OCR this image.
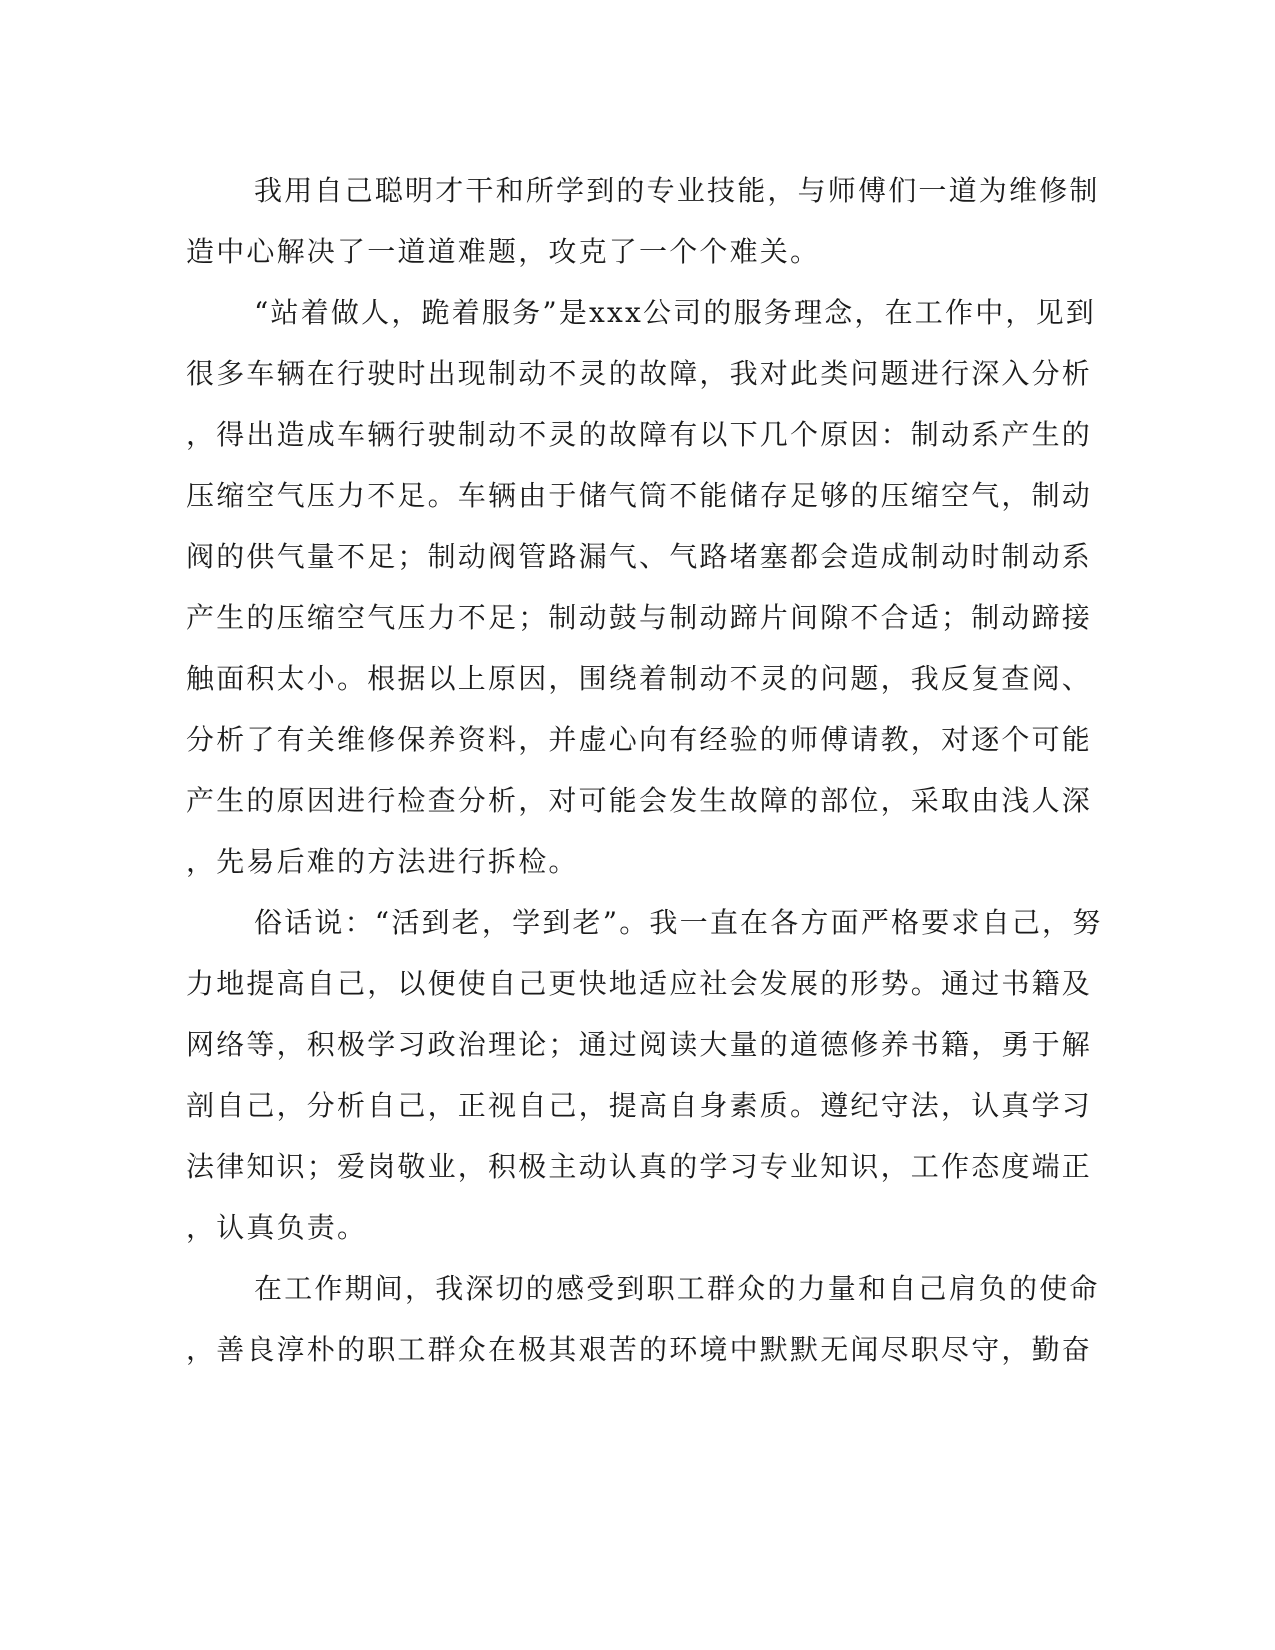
我用自己聪明才干和所学到的专业技能，与师傅们一道为维修制
造中心解决了一道道难题，攻克了一个个难关。
“站着做人，跪着服务”是xxx公司的服务理念，在工作中，见到
很多车辆在行驶时出现制动不灵的故障，我对此类问题进行深入分析
，得出造成车辆行驶制动不灵的故障有以下几个原因：制动系产生的
压缩空气压力不足。车辆由于储气筒不能储存足够的压缩空气，制动
阀的供气量不足；制动阀管路漏气、气路堵塞都会造成制动时制动系
产生的压缩空气压力不足；制动鼓与制动蹄片间隙不合适；制动蹄接
触面积太小。根据以上原因，围绕着制动不灵的问题，我反复查阅、
分析了有关维修保养资料，并虚心向有经验的师傅请教，对逐个可能
产生的原因进行检查分析，对可能会发生故障的部位，采取由浅人深
，先易后难的方法进行拆检。
俗话说：“活到老，学到老”。我一直在各方面严格要求自己，努
力地提高自己，以便使自己更快地适应社会发展的形势。通过书籍及
网络等，积极学习政治理论；通过阅读大量的道德修养书籍，勇于解
剖自己，分析自己，正视自己，提高自身素质。遵纪守法，认真学习
法律知识；爱岗敬业，积极主动认真的学习专业知识，工作态度端正
，认真负责。
在工作期间，我深切的感受到职工群众的力量和自己肩负的使命
，善良淳朴的职工群众在极其艰苦的环境中默默无闻尽职尽守，勤奋
